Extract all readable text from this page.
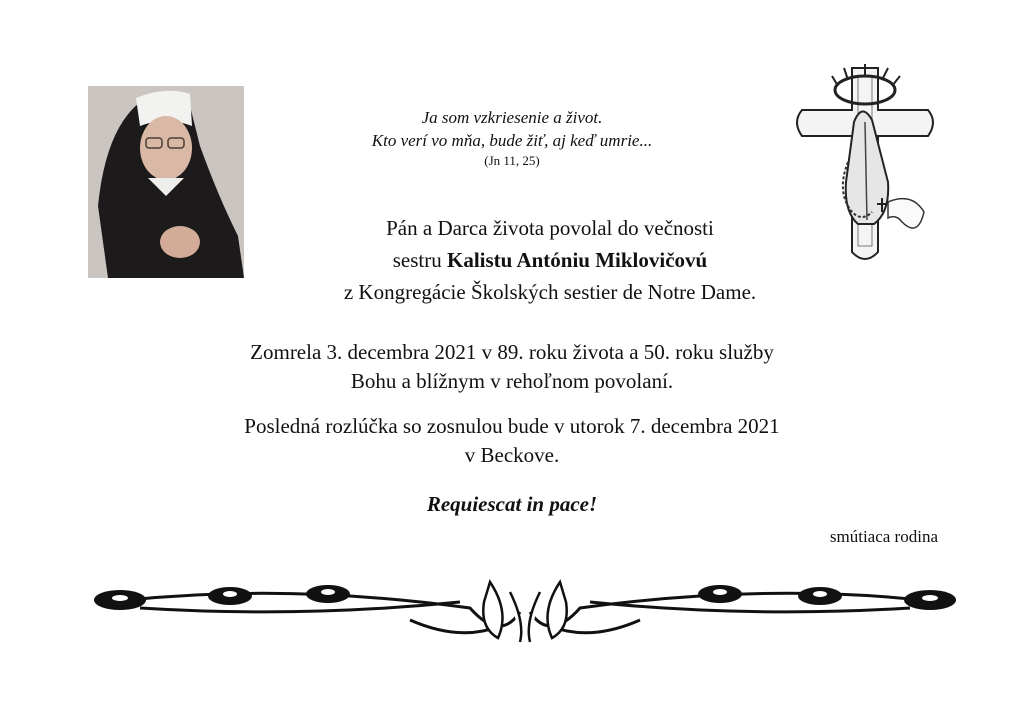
Ja som vzkriesenie a život.
Kto verí vo mňa, bude žiť, aj keď umrie...
(Jn 11, 25)
Pán a Darca života povolal do večnosti
sestru Kalistu Antóniu Miklovičovú
z Kongregácie Školských sestier de Notre Dame.
Zomrela 3. decembra 2021 v 89. roku života a 50. roku služby
Bohu a blížnym v rehoľnom povolaní.
Posledná rozlúčka so zosnulou bude v utorok 7. decembra 2021
v Beckove.
Requiescat in pace!
smútiaca rodina
